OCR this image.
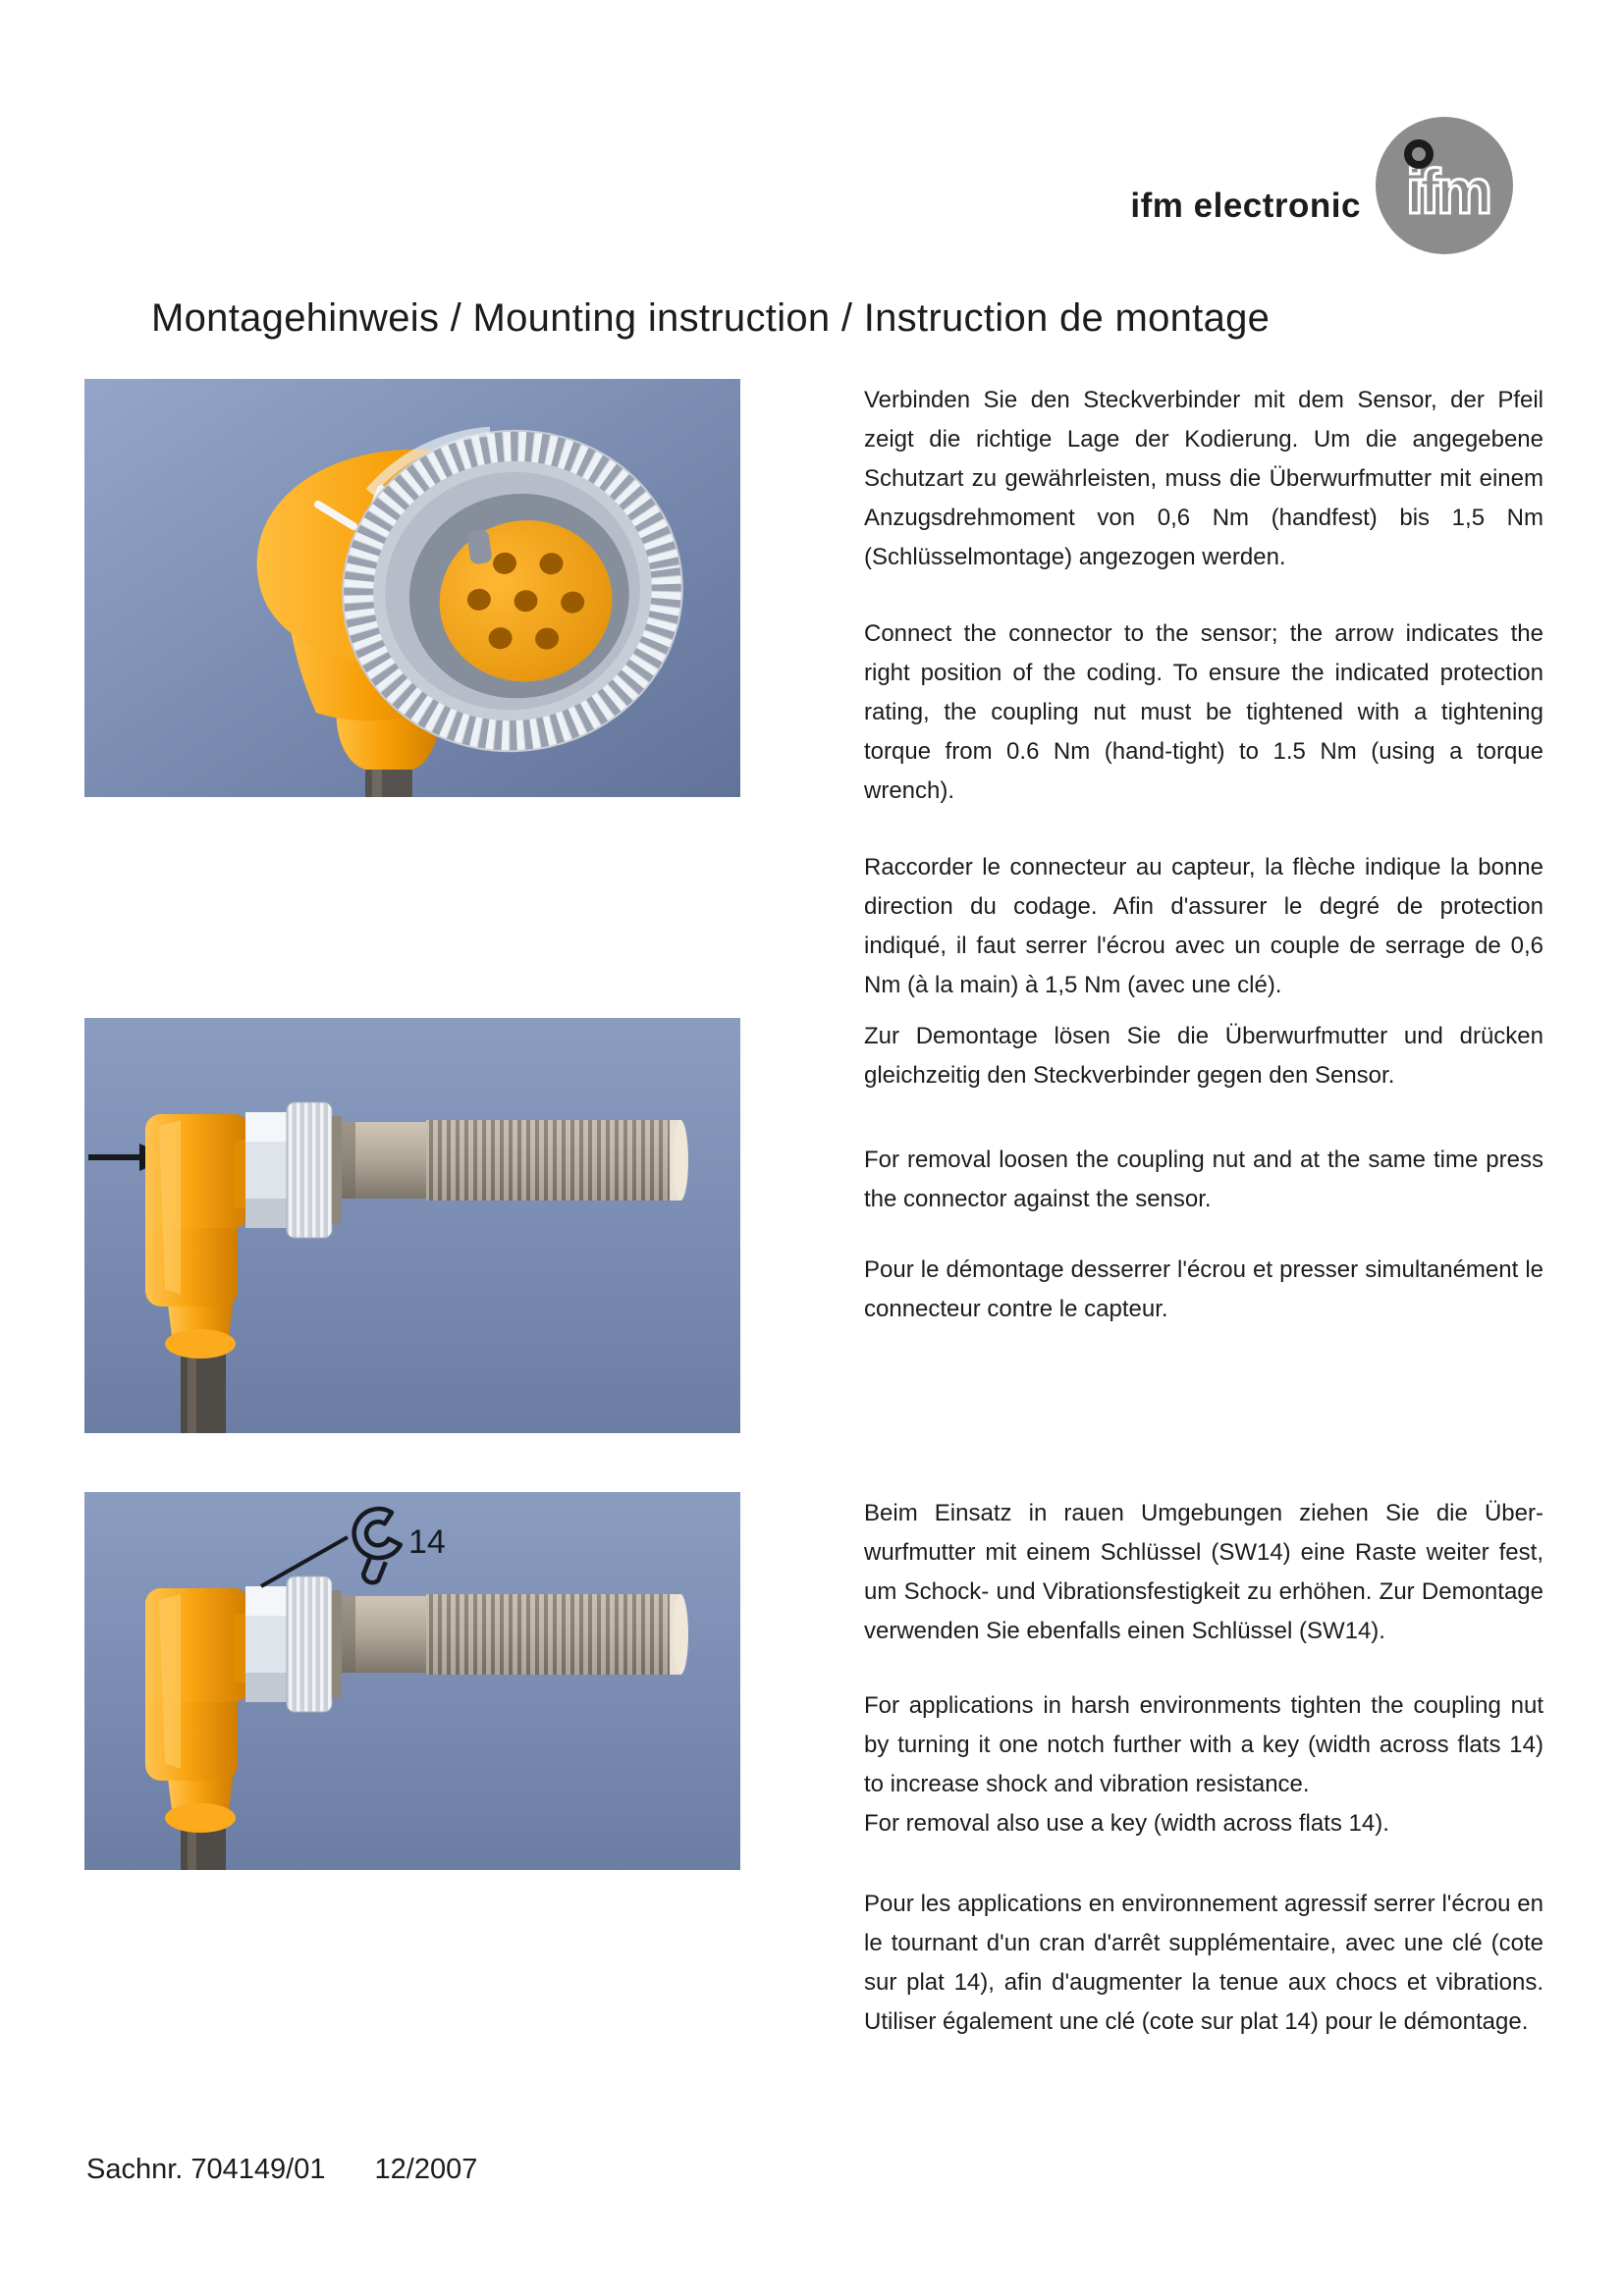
ifm electronic ifm
Montagehinweis / Mounting instruction / Instruction de montage
14

Verbinden Sie den Steckverbinder mit dem Sensor, der Pfeil zeigt die richtige Lage der Kodierung. Um die angegebene Schutzart zu gewährleisten, muss die Überwurfmutter mit einem Anzugsdrehmoment von 0,6 Nm (handfest) bis 1,5 Nm (Schlüsselmontage) angezogen werden.

Connect the connector to the sensor; the arrow indicates the right position of the coding. To ensure the indicated protection rating, the coupling nut must be tightened with a tightening torque from 0.6 Nm (hand-tight) to 1.5 Nm (using a torque wrench).

Raccorder le connecteur au capteur, la flèche indique la bonne direction du codage. Afin d'assurer le degré de protection indiqué, il faut serrer l'écrou avec un couple de serrage de 0,6 Nm (à la main) à 1,5 Nm (avec une clé).

Zur Demontage lösen Sie die Überwurfmutter und drücken gleichzeitig den Steckverbinder gegen den Sensor.

For removal loosen the coupling nut and at the same time press the connector against the sensor.

Pour le démontage desserrer l'écrou et presser simultanément le connecteur contre le capteur.

Beim Einsatz in rauen Umgebungen ziehen Sie die Überwurfmutter mit einem Schlüssel (SW14) eine Raste weiter fest, um Schock- und Vibrationsfestigkeit zu erhöhen. Zur Demontage verwenden Sie ebenfalls einen Schlüssel (SW14).

For applications in harsh environments tighten the coupling nut by turning it one notch further with a key (width across flats 14) to increase shock and vibration resistance.

For removal also use a key (width across flats 14).

Pour les applications en environnement agressif serrer l'écrou en le tournant d'un cran d'arrêt supplémentaire, avec une clé (cote sur plat 14), afin d'augmenter la tenue aux chocs et vibrations. Utiliser également une clé (cote sur plat 14) pour le démontage.

Sachnr. 704149/01 12/2007
